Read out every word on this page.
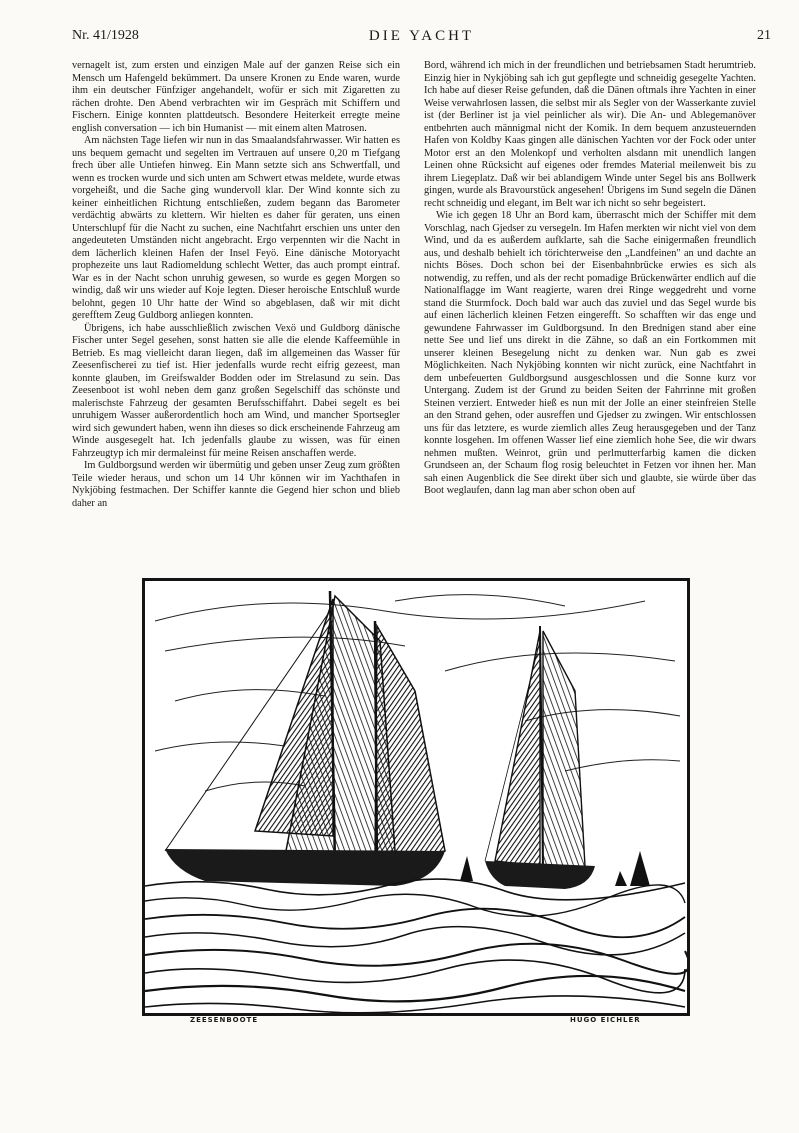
Nr. 41/1928	DIE YACHT	21

vernagelt ist, zum ersten und einzigen Male auf der ganzen Reise sich ein Mensch um Hafengeld bekümmert. Da unsere Kronen zu Ende waren, wurde ihm ein deutscher Fünfziger angehandelt, wofür er sich mit Zigaretten zu rächen drohte. Den Abend verbrachten wir im Gespräch mit Schiffern und Fischern. Einige konnten plattdeutsch. Besondere Heiterkeit erregte meine english conversation — ich bin Humanist — mit einem alten Matrosen.

Am nächsten Tage liefen wir nun in das Smaalandsfahrwasser. Wir hatten es uns bequem gemacht und segelten im Vertrauen auf unsere 0,20 m Tiefgang frech über alle Untiefen hinweg. Ein Mann setzte sich ans Schwertfall, und wenn es trocken wurde und sich unten am Schwert etwas meldete, wurde etwas vorgeheißt, und die Sache ging wundervoll klar. Der Wind konnte sich zu keiner einheitlichen Richtung entschließen, zudem begann das Barometer verdächtig abwärts zu klettern. Wir hielten es daher für geraten, uns einen Unterschlupf für die Nacht zu suchen, eine Nachtfahrt erschien uns unter den angedeuteten Umständen nicht angebracht. Ergo verpennten wir die Nacht in dem lächerlich kleinen Hafen der Insel Feyö. Eine dänische Motoryacht prophezeite uns laut Radiomeldung schlecht Wetter, das auch prompt eintraf. War es in der Nacht schon unruhig gewesen, so wurde es gegen Morgen so windig, daß wir uns wieder auf Koje legten. Dieser heroische Entschluß wurde belohnt, gegen 10 Uhr hatte der Wind so abgeblasen, daß wir mit dicht gerefftem Zeug Guldborg anliegen konnten.

Übrigens, ich habe ausschließlich zwischen Vexö und Guldborg dänische Fischer unter Segel gesehen, sonst hatten sie alle die elende Kaffeemühle in Betrieb. Es mag vielleicht daran liegen, daß im allgemeinen das Wasser für Zeesenfischerei zu tief ist. Hier jedenfalls wurde recht eifrig gezeest, man konnte glauben, im Greifswalder Bodden oder im Strelasund zu sein. Das Zeesenboot ist wohl neben dem ganz großen Segelschiff das schönste und malerischste Fahrzeug der gesamten Berufsschiffahrt. Dabei segelt es bei unruhigem Wasser außerordentlich hoch am Wind, und mancher Sportsegler wird sich gewundert haben, wenn ihn dieses so dick erscheinende Fahrzeug am Winde ausgesegelt hat. Ich jedenfalls glaube zu wissen, was für einen Fahrzeugtyp ich mir dermaleinst für meine Reisen anschaffen werde.

Im Guldborgsund werden wir übermütig und geben unser Zeug zum größten Teile wieder heraus, und schon um 14 Uhr können wir im Yachthafen in Nykjöbing festmachen. Der Schiffer kannte die Gegend hier schon und blieb daher an

Bord, während ich mich in der freundlichen und betriebsamen Stadt herumtrieb. Einzig hier in Nykjöbing sah ich gut gepflegte und schneidig gesegelte Yachten. Ich habe auf dieser Reise gefunden, daß die Dänen oftmals ihre Yachten in einer Weise verwahrlosen lassen, die selbst mir als Segler von der Wasserkante zuviel ist (der Berliner ist ja viel peinlicher als wir). Die An- und Ablegemanöver entbehrten auch männigmal nicht der Komik. In dem bequem anzusteuernden Hafen von Koldby Kaas gingen alle dänischen Yachten vor der Fock oder unter Motor erst an den Molenkopf und verholten alsdann mit unendlich langen Leinen ohne Rücksicht auf eigenes oder fremdes Material meilenweit bis zu ihrem Liegeplatz. Daß wir bei ablandigem Winde unter Segel bis ans Bollwerk gingen, wurde als Bravourstück angesehen! Übrigens im Sund segeln die Dänen recht schneidig und elegant, im Belt war ich nicht so sehr begeistert.

Wie ich gegen 18 Uhr an Bord kam, überrascht mich der Schiffer mit dem Vorschlag, nach Gjedser zu versegeln. Im Hafen merkten wir nicht viel von dem Wind, und da es außerdem aufklarte, sah die Sache einigermaßen freundlich aus, und deshalb behielt ich törichterweise den „Landfeinen" an und dachte an nichts Böses. Doch schon bei der Eisenbahnbrücke erwies es sich als notwendig, zu reffen, und als der recht pomadige Brückenwärter endlich auf die Nationalflagge im Want reagierte, waren drei Ringe weggedreht und vorne stand die Sturmfock. Doch bald war auch das zuviel und das Segel wurde bis auf einen lächerlich kleinen Fetzen eingerefft. So schafften wir das enge und gewundene Fahrwasser im Guldborgsund. In den Brednigen stand aber eine nette See und lief uns direkt in die Zähne, so daß an ein Fortkommen mit unserer kleinen Besegelung nicht zu denken war. Nun gab es zwei Möglichkeiten. Nach Nykjöbing konnten wir nicht zurück, eine Nachtfahrt in dem unbefeuerten Guldborgsund ausgeschlossen und die Sonne kurz vor Untergang. Zudem ist der Grund zu beiden Seiten der Fahrrinne mit großen Steinen verziert. Entweder hieß es nun mit der Jolle an einer steinfreien Stelle an den Strand gehen, oder ausreffen und Gjedser zu zwingen. Wir entschlossen uns für das letztere, es wurde ziemlich alles Zeug herausgegeben und der Tanz konnte losgehen. Im offenen Wasser lief eine ziemlich hohe See, die wir dwars nehmen mußten. Weinrot, grün und perlmutterfarbig kamen die dicken Grundseen an, der Schaum flog rosig beleuchtet in Fetzen vor ihnen her. Man sah einen Augenblick die See direkt über sich und glaubte, sie würde über das Boot weglaufen, dann lag man aber schon oben auf

ZEESENBOOTE	HUGO EICHLER
